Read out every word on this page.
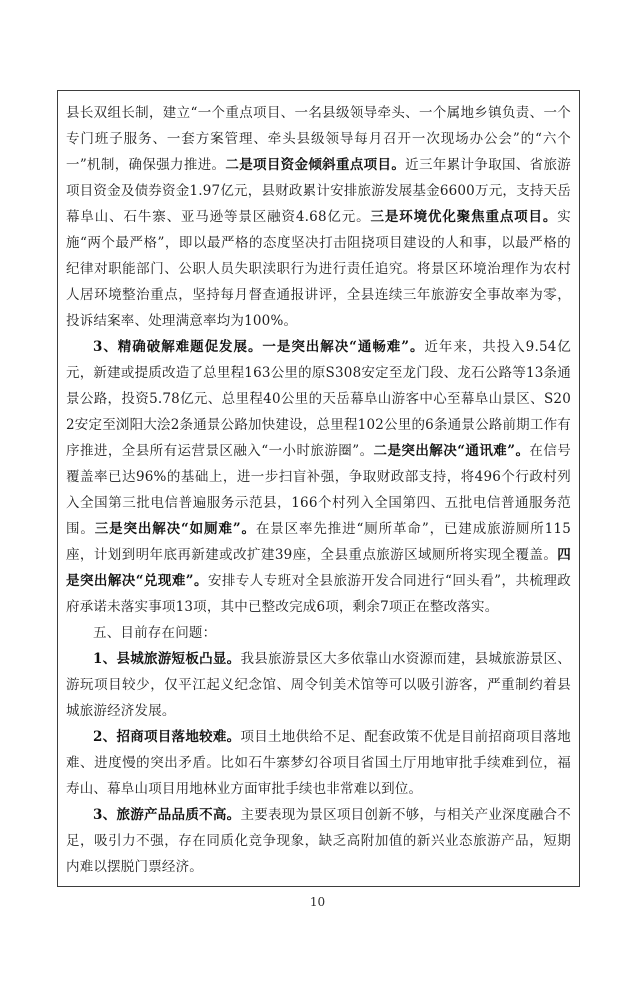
县长双组长制，建立“一个重点项目、一名县级领导牵头、一个属地乡镇负责、一个专门班子服务、一套方案管理、牵头县级领导每月召开一次现场办公会”的“六个一”机制，确保强力推进。二是项目资金倾斜重点项目。近三年累计争取国、省旅游项目资金及债券资金1.97亿元，县财政累计安排旅游发展基金6600万元，支持天岳幕阜山、石牛寨、亚马逊等景区融资4.68亿元。三是环境优化聚焦重点项目。实施“两个最严格”，即以最严格的态度坚决打击阻挠项目建设的人和事，以最严格的纪律对职能部门、公职人员失职渎职行为进行责任追究。将景区环境治理作为农村人居环境整治重点，坚持每月督查通报讲评，全县连续三年旅游安全事故率为零，投诉结案率、处理满意率均为100%。

3、精确破解难题促发展。一是突出解决“通畅难”。近年来，共投入9.54亿元，新建或提质改造了总里程163公里的原S308安定至龙门段、龙石公路等13条通景公路，投资5.78亿元、总里程40公里的天岳幕阜山游客中心至幕阜山景区、S202安定至浏阳大浍2条通景公路加快建设，总里程102公里的6条通景公路前期工作有序推进，全县所有运营景区融入“一小时旅游圈”。二是突出解决“通讯难”。在信号覆盖率已达96%的基础上，进一步扫盲补强，争取财政部支持，将496个行政村列入全国第三批电信普遍服务示范县，166个村列入全国第四、五批电信普通服务范围。三是突出解决“如厕难”。在景区率先推进“厕所革命”，已建成旅游厕所115座，计划到明年底再新建或改扩建39座，全县重点旅游区域厕所将实现全覆盖。四是突出解决“兑现难”。安排专人专班对全县旅游开发合同进行“回头看”，共梳理政府承诺未落实事项13项，其中已整改完成6项，剩余7项正在整改落实。

五、目前存在问题：

1、县城旅游短板凸显。我县旅游景区大多依靠山水资源而建，县城旅游景区、游玩项目较少，仅平江起义纪念馆、周令钊美术馆等可以吸引游客，严重制约着县城旅游经济发展。

2、招商项目落地较难。项目土地供给不足、配套政策不优是目前招商项目落地难、进度慢的突出矛盾。比如石牛寨梦幻谷项目省国土厅用地审批手续难到位，福寿山、幕阜山项目用地林业方面审批手续也非常难以到位。

3、旅游产品品质不高。主要表现为景区项目创新不够，与相关产业深度融合不足，吸引力不强，存在同质化竞争现象，缺乏高附加值的新兴业态旅游产品，短期内难以摆脱门票经济。

10
